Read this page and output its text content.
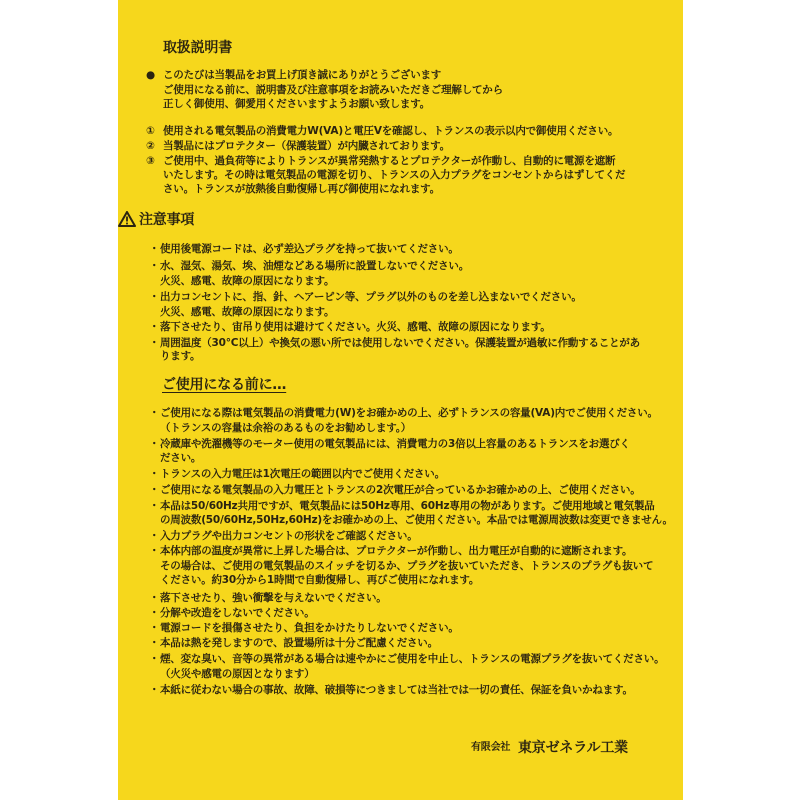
取扱説明書
注意事項
ご使用になる前に…
有限会社 東京ゼネラル工業
● このたびは当製品をお買上げ頂き誠にありがとうございます
ご使用になる前に、説明書及び注意事項をお読みいただきご理解してから
正しく御使用、御愛用くださいますようお願い致します。
① 使用される電気製品の消費電力W(VA)と電圧Vを確認し、トランスの表示以内で御使用ください。
② 当製品にはプロテクター（保護装置）が内臓されております。
③ ご使用中、過負荷等によりトランスが異常発熱するとプロテクターが作動し、自動的に電源を遮断
いたします。その時は電気製品の電源を切り、トランスの入力プラグをコンセントからはずしてくだ
さい。トランスが放熱後自動復帰し再び御使用になれます。
・ 使用後電源コードは、必ず差込プラグを持って抜いてください。
・ 水、湿気、湯気、埃、油煙などある場所に設置しないでください。
火災、感電、故障の原因になります。
・ 出力コンセントに、指、針、ヘアーピン等、プラグ以外のものを差し込まないでください。
火災、感電、故障の原因になります。
・ 落下させたり、宙吊り使用は避けてください。火災、感電、故障の原因になります。
・ 周囲温度（30°C以上）や換気の悪い所では使用しないでください。保護装置が過敏に作動することがあ
ります。
・ ご使用になる際は電気製品の消費電力(W)をお確かめの上、必ずトランスの容量(VA)内でご使用ください。
（トランスの容量は余裕のあるものをお勧めします。）
・ 冷蔵庫や洗濯機等のモーター使用の電気製品には、消費電力の3倍以上容量のあるトランスをお選びく
ださい。
・ トランスの入力電圧は1次電圧の範囲以内でご使用ください。
・ ご使用になる電気製品の入力電圧とトランスの2次電圧が合っているかお確かめの上、ご使用ください。
・ 本品は50/60Hz共用ですが、電気製品には50Hz専用、60Hz専用の物があります。ご使用地域と電気製品
の周波数(50/60Hz,50Hz,60Hz)をお確かめの上、ご使用ください。本品では電源周波数は変更できません。
・ 入力プラグや出力コンセントの形状をご確認ください。
・ 本体内部の温度が異常に上昇した場合は、プロテクターが作動し、出力電圧が自動的に遮断されます。
その場合は、ご使用の電気製品のスイッチを切るか、プラグを抜いていただき、トランスのプラグも抜いて
ください。約30分から1時間で自動復帰し、再びご使用になれます。
・ 落下させたり、強い衝撃を与えないでください。
・ 分解や改造をしないでください。
・ 電源コードを損傷させたり、負担をかけたりしないでください。
・ 本品は熱を発しますので、設置場所は十分ご配慮ください。
・ 煙、変な臭い、音等の異常がある場合は速やかにご使用を中止し、トランスの電源プラグを抜いてください。
（火災や感電の原因となります）
・ 本紙に従わない場合の事故、故障、破損等につきましては当社では一切の責任、保証を負いかねます。
